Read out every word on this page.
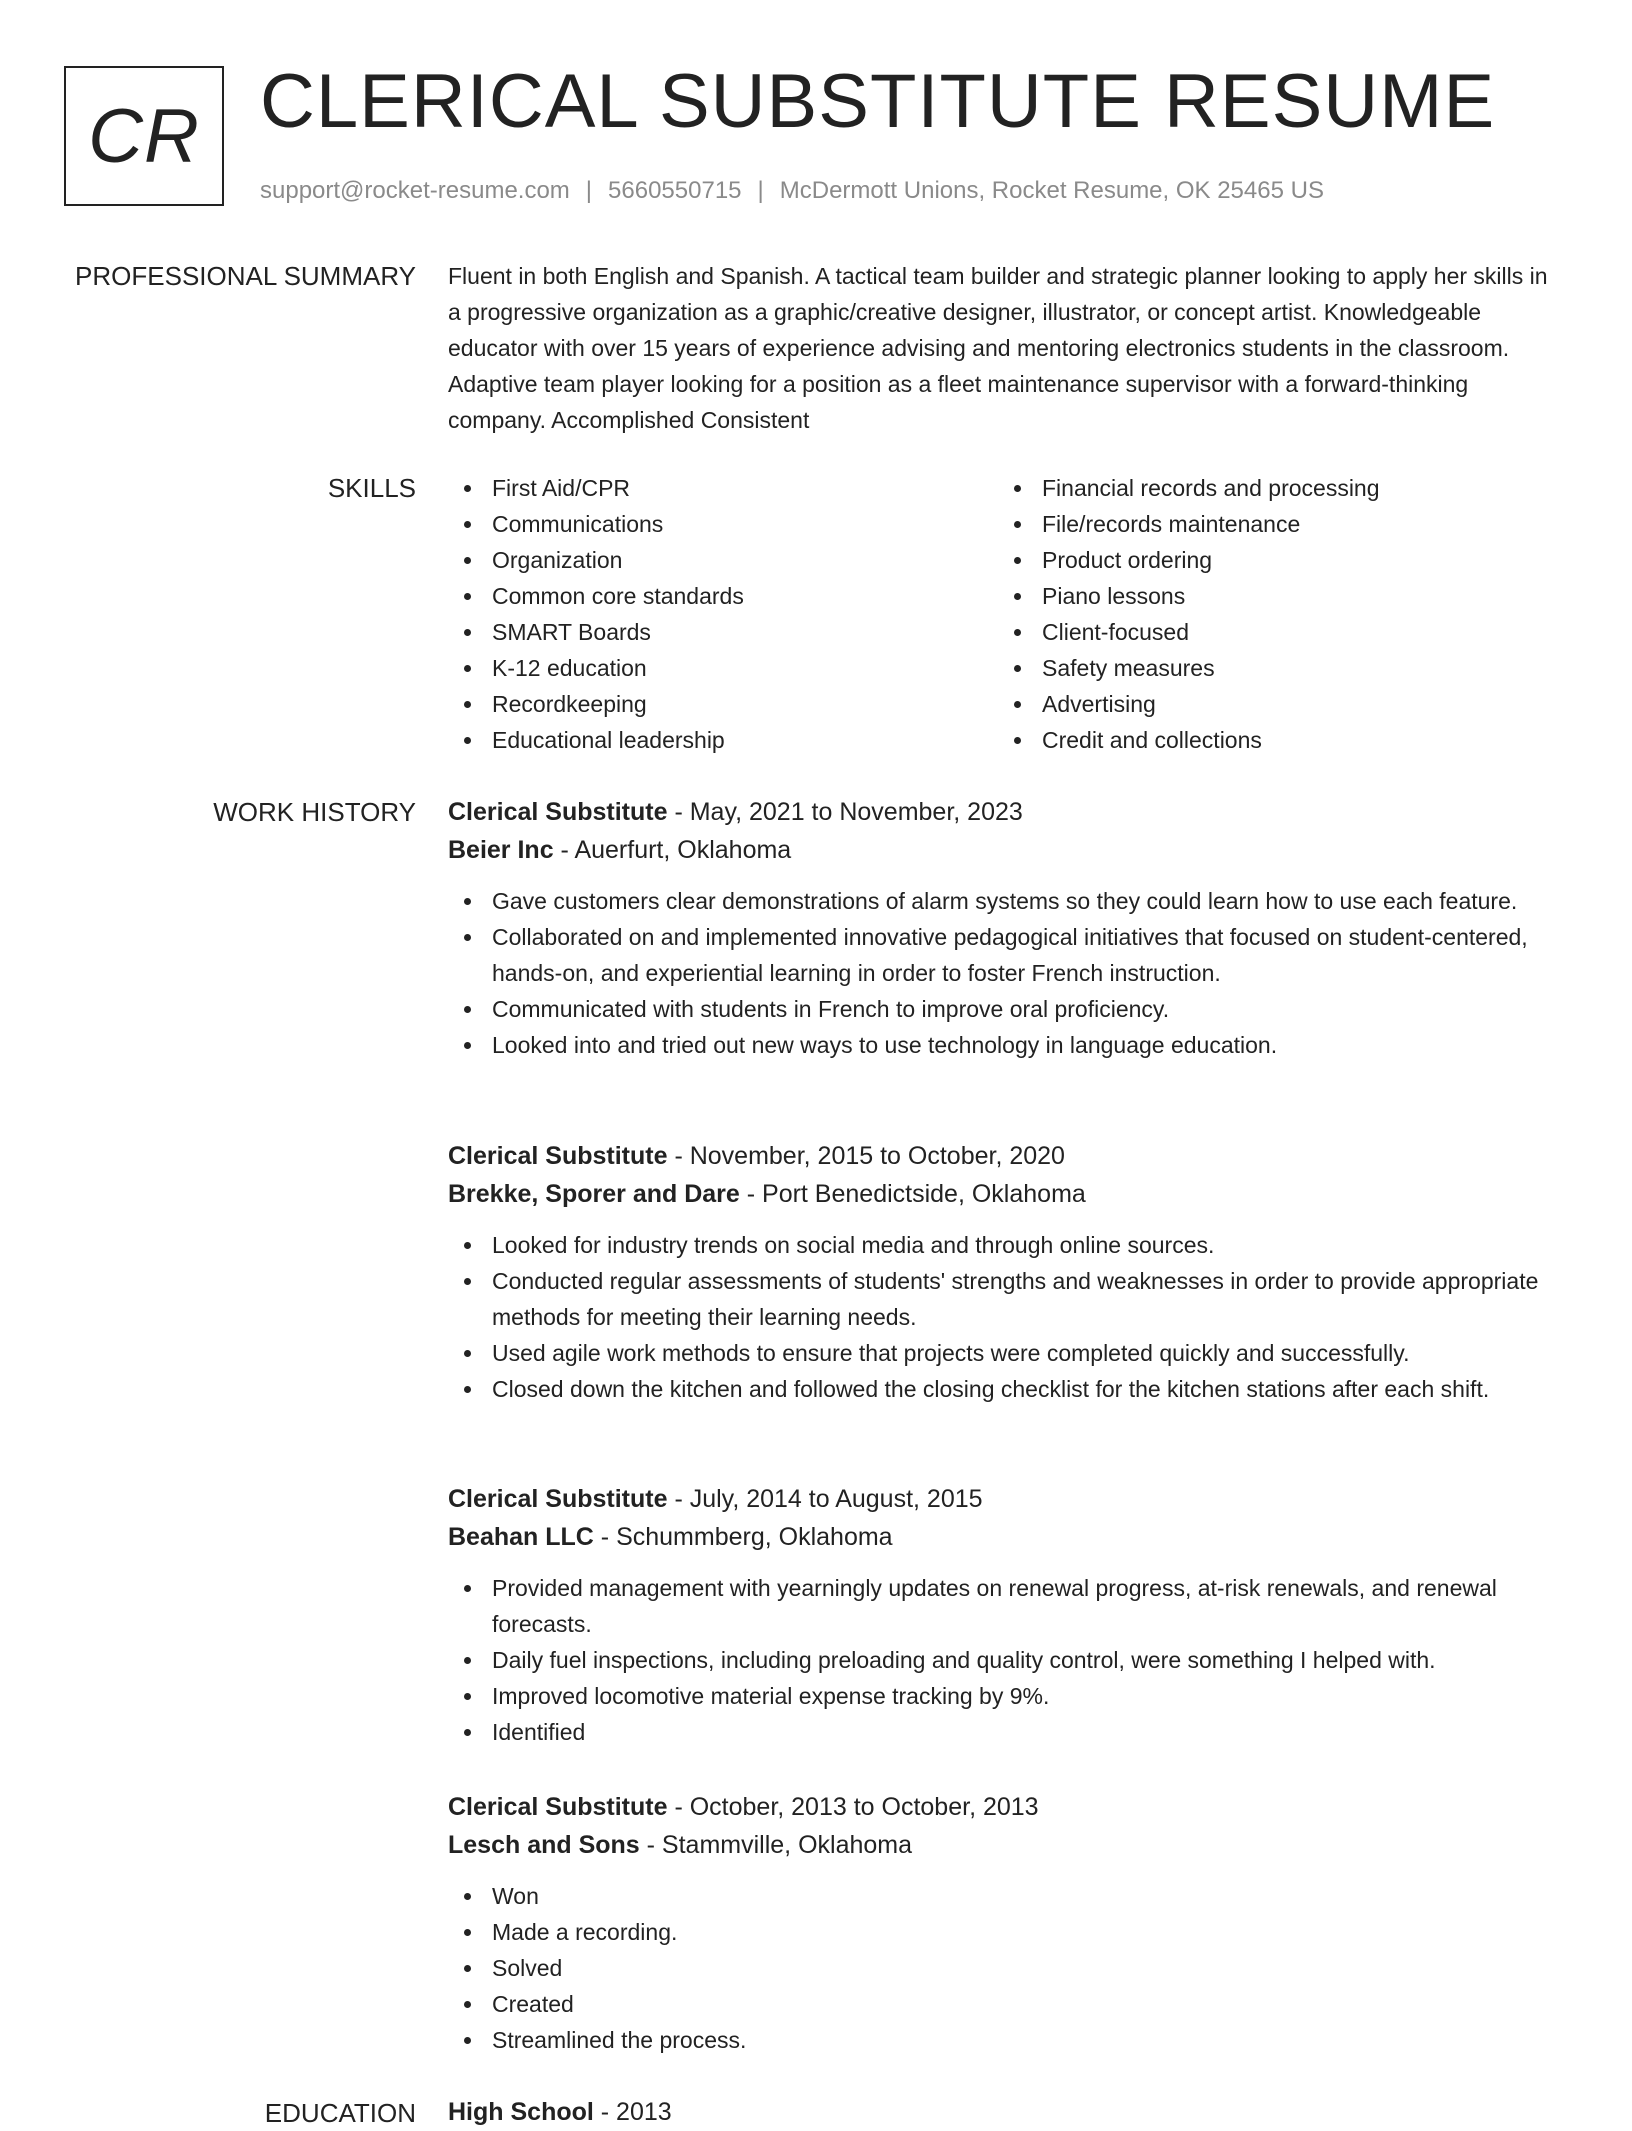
CR CLERICAL SUBSTITUTE RESUME
support@rocket-resume.com | 5660550715 | McDermott Unions, Rocket Resume, OK 25465 US
PROFESSIONAL SUMMARY Fluent in both English and Spanish. A tactical team builder and strategic planner looking to apply her skills in a progressive organization as a graphic/creative designer, illustrator, or concept artist. Knowledgeable educator with over 15 years of experience advising and mentoring electronics students in the classroom. Adaptive team player looking for a position as a fleet maintenance supervisor with a forward-thinking company. Accomplished Consistent

SKILLS	First Aid/CPR
Communications
Organization
Common core standards
SMART Boards
K-12 education
Recordkeeping
Educational leadership
Financial records and processing
File/records maintenance
Product ordering
Piano lessons
Client-focused
Safety measures
Advertising
Credit and collections
WORK HISTORY Clerical Substitute - May, 2021 to November, 2023
Beier Inc - Auerfurt, Oklahoma
Gave customers clear demonstrations of alarm systems so they could learn how to use each feature.
Collaborated on and implemented innovative pedagogical initiatives that focused on student-centered, hands-on, and experiential learning in order to foster French instruction.
Communicated with students in French to improve oral proficiency.
Looked into and tried out new ways to use technology in language education.
Clerical Substitute - November, 2015 to October, 2020
Brekke, Sporer and Dare - Port Benedictside, Oklahoma
Looked for industry trends on social media and through online sources.
Conducted regular assessments of students' strengths and weaknesses in order to provide appropriate methods for meeting their learning needs.
Used agile work methods to ensure that projects were completed quickly and successfully.
Closed down the kitchen and followed the closing checklist for the kitchen stations after each shift.
Clerical Substitute - July, 2014 to August, 2015
Beahan LLC - Schummberg, Oklahoma
Provided management with yearningly updates on renewal progress, at-risk renewals, and renewal forecasts.
Daily fuel inspections, including preloading and quality control, were something I helped with.
Improved locomotive material expense tracking by 9%.
Identified
Clerical Substitute - October, 2013 to October, 2013
Lesch and Sons - Stammville, Oklahoma
Won
Made a recording.
Solved
Created
Streamlined the process.
EDUCATION High School - 2013
